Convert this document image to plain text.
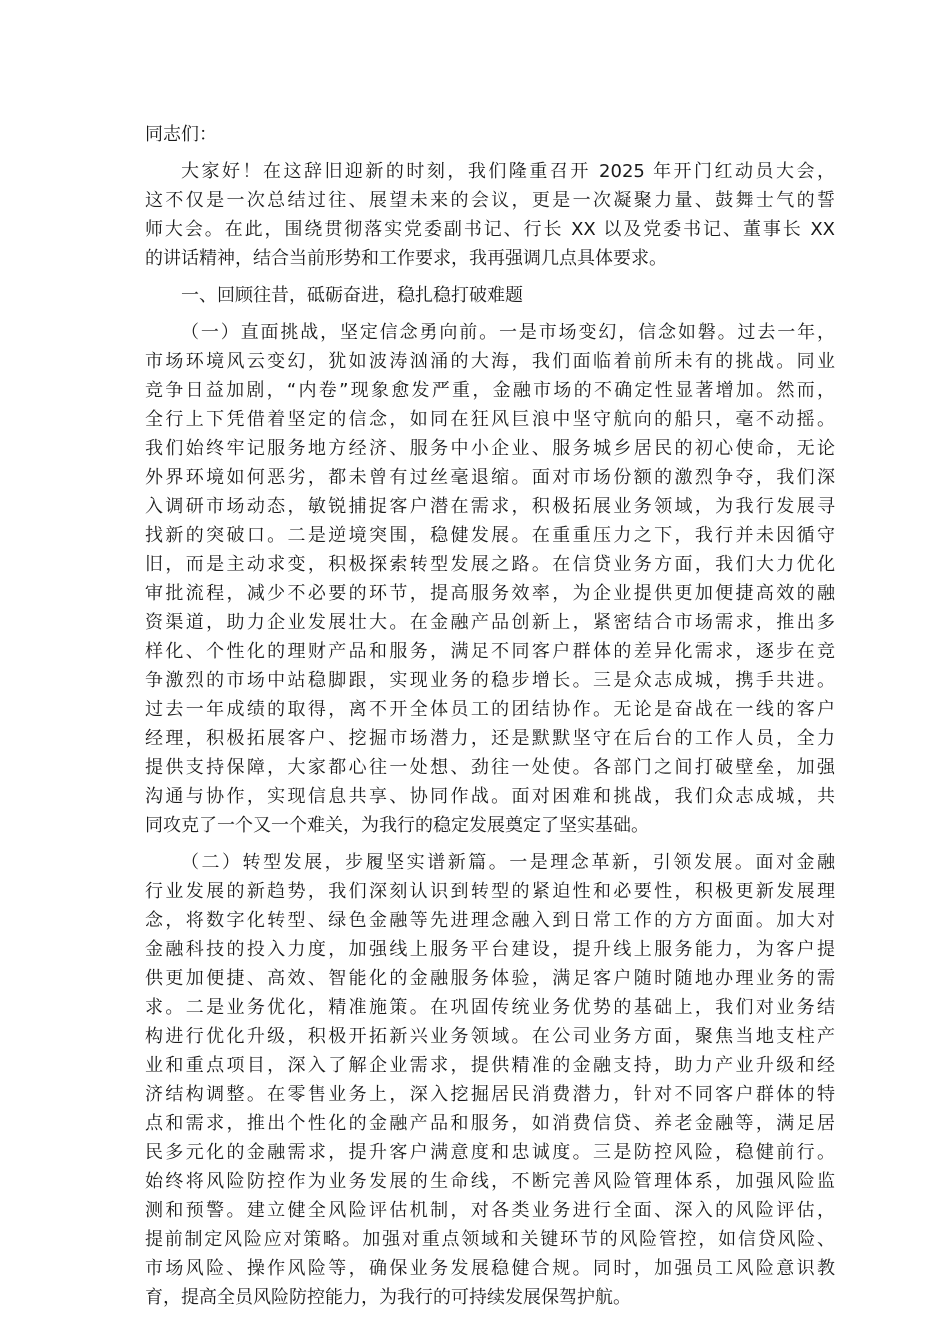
同志们：
大家好！在这辞旧迎新的时刻，我们隆重召开 2025 年开门红动员大会，
这不仅是一次总结过往、展望未来的会议，更是一次凝聚力量、鼓舞士气的誓
师大会。在此，围绕贯彻落实党委副书记、行长 XX 以及党委书记、董事长 XX
的讲话精神，结合当前形势和工作要求，我再强调几点具体要求。
一、回顾往昔，砥砺奋进，稳扎稳打破难题
（一）直面挑战，坚定信念勇向前。一是市场变幻，信念如磐。过去一年，
市场环境风云变幻，犹如波涛汹涌的大海，我们面临着前所未有的挑战。同业
竞争日益加剧，“内卷”现象愈发严重，金融市场的不确定性显著增加。然而，
全行上下凭借着坚定的信念，如同在狂风巨浪中坚守航向的船只，毫不动摇。
我们始终牢记服务地方经济、服务中小企业、服务城乡居民的初心使命，无论
外界环境如何恶劣，都未曾有过丝毫退缩。面对市场份额的激烈争夺，我们深
入调研市场动态，敏锐捕捉客户潜在需求，积极拓展业务领域，为我行发展寻
找新的突破口。二是逆境突围，稳健发展。在重重压力之下，我行并未因循守
旧，而是主动求变，积极探索转型发展之路。在信贷业务方面，我们大力优化
审批流程，减少不必要的环节，提高服务效率，为企业提供更加便捷高效的融
资渠道，助力企业发展壮大。在金融产品创新上，紧密结合市场需求，推出多
样化、个性化的理财产品和服务，满足不同客户群体的差异化需求，逐步在竞
争激烈的市场中站稳脚跟，实现业务的稳步增长。三是众志成城，携手共进。
过去一年成绩的取得，离不开全体员工的团结协作。无论是奋战在一线的客户
经理，积极拓展客户、挖掘市场潜力，还是默默坚守在后台的工作人员，全力
提供支持保障，大家都心往一处想、劲往一处使。各部门之间打破壁垒，加强
沟通与协作，实现信息共享、协同作战。面对困难和挑战，我们众志成城，共
同攻克了一个又一个难关，为我行的稳定发展奠定了坚实基础。
（二）转型发展，步履坚实谱新篇。一是理念革新，引领发展。面对金融
行业发展的新趋势，我们深刻认识到转型的紧迫性和必要性，积极更新发展理
念，将数字化转型、绿色金融等先进理念融入到日常工作的方方面面。加大对
金融科技的投入力度，加强线上服务平台建设，提升线上服务能力，为客户提
供更加便捷、高效、智能化的金融服务体验，满足客户随时随地办理业务的需
求。二是业务优化，精准施策。在巩固传统业务优势的基础上，我们对业务结
构进行优化升级，积极开拓新兴业务领域。在公司业务方面，聚焦当地支柱产
业和重点项目，深入了解企业需求，提供精准的金融支持，助力产业升级和经
济结构调整。在零售业务上，深入挖掘居民消费潜力，针对不同客户群体的特
点和需求，推出个性化的金融产品和服务，如消费信贷、养老金融等，满足居
民多元化的金融需求，提升客户满意度和忠诚度。三是防控风险，稳健前行。
始终将风险防控作为业务发展的生命线，不断完善风险管理体系，加强风险监
测和预警。建立健全风险评估机制，对各类业务进行全面、深入的风险评估，
提前制定风险应对策略。加强对重点领域和关键环节的风险管控，如信贷风险、
市场风险、操作风险等，确保业务发展稳健合规。同时，加强员工风险意识教
育，提高全员风险防控能力，为我行的可持续发展保驾护航。
